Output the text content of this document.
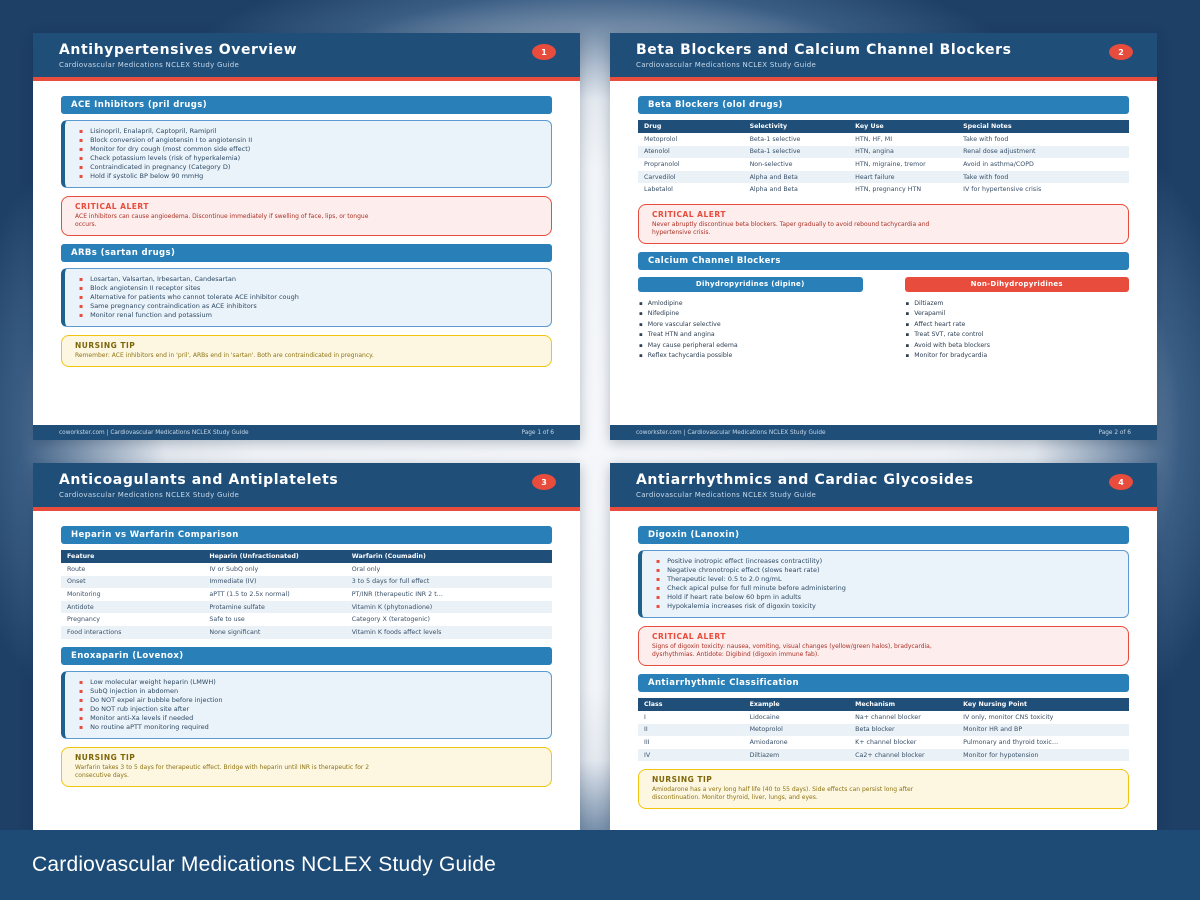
Antihypertensives Overview
Cardiovascular Medications NCLEX Study Guide
1
ACE Inhibitors (pril drugs)
▪ Lisinopril, Enalapril, Captopril, Ramipril
▪ Block conversion of angiotensin I to angiotensin II
▪ Monitor for dry cough (most common side effect)
▪ Check potassium levels (risk of hyperkalemia)
▪ Contraindicated in pregnancy (Category D)
▪ Hold if systolic BP below 90 mmHg
CRITICAL ALERT
ACE inhibitors can cause angioedema. Discontinue immediately if swelling of face, lips, or tongue occurs.
ARBs (sartan drugs)
▪ Losartan, Valsartan, Irbesartan, Candesartan
▪ Block angiotensin II receptor sites
▪ Alternative for patients who cannot tolerate ACE inhibitor cough
▪ Same pregnancy contraindication as ACE inhibitors
▪ Monitor renal function and potassium
NURSING TIP
Remember: ACE inhibitors end in 'pril', ARBs end in 'sartan'. Both are contraindicated in pregnancy.
coworkster.com | Cardiovascular Medications NCLEX Study Guide	Page 1 of 6
Beta Blockers and Calcium Channel Blockers
Cardiovascular Medications NCLEX Study Guide
2
Beta Blockers (olol drugs)
Drug	Selectivity	Key Use	Special Notes
Metoprolol	Beta-1 selective	HTN, HF, MI	Take with food
Atenolol	Beta-1 selective	HTN, angina	Renal dose adjustment
Propranolol	Non-selective	HTN, migraine, tremor	Avoid in asthma/COPD
Carvedilol	Alpha and Beta	Heart failure	Take with food
Labetalol	Alpha and Beta	HTN, pregnancy HTN	IV for hypertensive crisis
CRITICAL ALERT
Never abruptly discontinue beta blockers. Taper gradually to avoid rebound tachycardia and hypertensive crisis.
Calcium Channel Blockers
Dihydropyridines (dipine)
▪ Amlodipine
▪ Nifedipine
▪ More vascular selective
▪ Treat HTN and angina
▪ May cause peripheral edema
▪ Reflex tachycardia possible
Non-Dihydropyridines
▪ Diltiazem
▪ Verapamil
▪ Affect heart rate
▪ Treat SVT, rate control
▪ Avoid with beta blockers
▪ Monitor for bradycardia
coworkster.com | Cardiovascular Medications NCLEX Study Guide	Page 2 of 6
Anticoagulants and Antiplatelets
Cardiovascular Medications NCLEX Study Guide
3
Heparin vs Warfarin Comparison
Feature	Heparin (Unfractionated)	Warfarin (Coumadin)
Route	IV or SubQ only	Oral only
Onset	Immediate (IV)	3 to 5 days for full effect
Monitoring	aPTT (1.5 to 2.5x normal)	PT/INR (therapeutic INR 2 t…
Antidote	Protamine sulfate	Vitamin K (phytonadione)
Pregnancy	Safe to use	Category X (teratogenic)
Food interactions	None significant	Vitamin K foods affect levels
Enoxaparin (Lovenox)
▪ Low molecular weight heparin (LMWH)
▪ SubQ injection in abdomen
▪ Do NOT expel air bubble before injection
▪ Do NOT rub injection site after
▪ Monitor anti-Xa levels if needed
▪ No routine aPTT monitoring required
NURSING TIP
Warfarin takes 3 to 5 days for therapeutic effect. Bridge with heparin until INR is therapeutic for 2 consecutive days.
Antiarrhythmics and Cardiac Glycosides
Cardiovascular Medications NCLEX Study Guide
4
Digoxin (Lanoxin)
▪ Positive inotropic effect (increases contractility)
▪ Negative chronotropic effect (slows heart rate)
▪ Therapeutic level: 0.5 to 2.0 ng/mL
▪ Check apical pulse for full minute before administering
▪ Hold if heart rate below 60 bpm in adults
▪ Hypokalemia increases risk of digoxin toxicity
CRITICAL ALERT
Signs of digoxin toxicity: nausea, vomiting, visual changes (yellow/green halos), bradycardia, dysrhythmias. Antidote: Digibind (digoxin immune fab).
Antiarrhythmic Classification
Class	Example	Mechanism	Key Nursing Point
I	Lidocaine	Na+ channel blocker	IV only, monitor CNS toxicity
II	Metoprolol	Beta blocker	Monitor HR and BP
III	Amiodarone	K+ channel blocker	Pulmonary and thyroid toxic…
IV	Diltiazem	Ca2+ channel blocker	Monitor for hypotension
NURSING TIP
Amiodarone has a very long half life (40 to 55 days). Side effects can persist long after discontinuation. Monitor thyroid, liver, lungs, and eyes.
Cardiovascular Medications NCLEX Study Guide
